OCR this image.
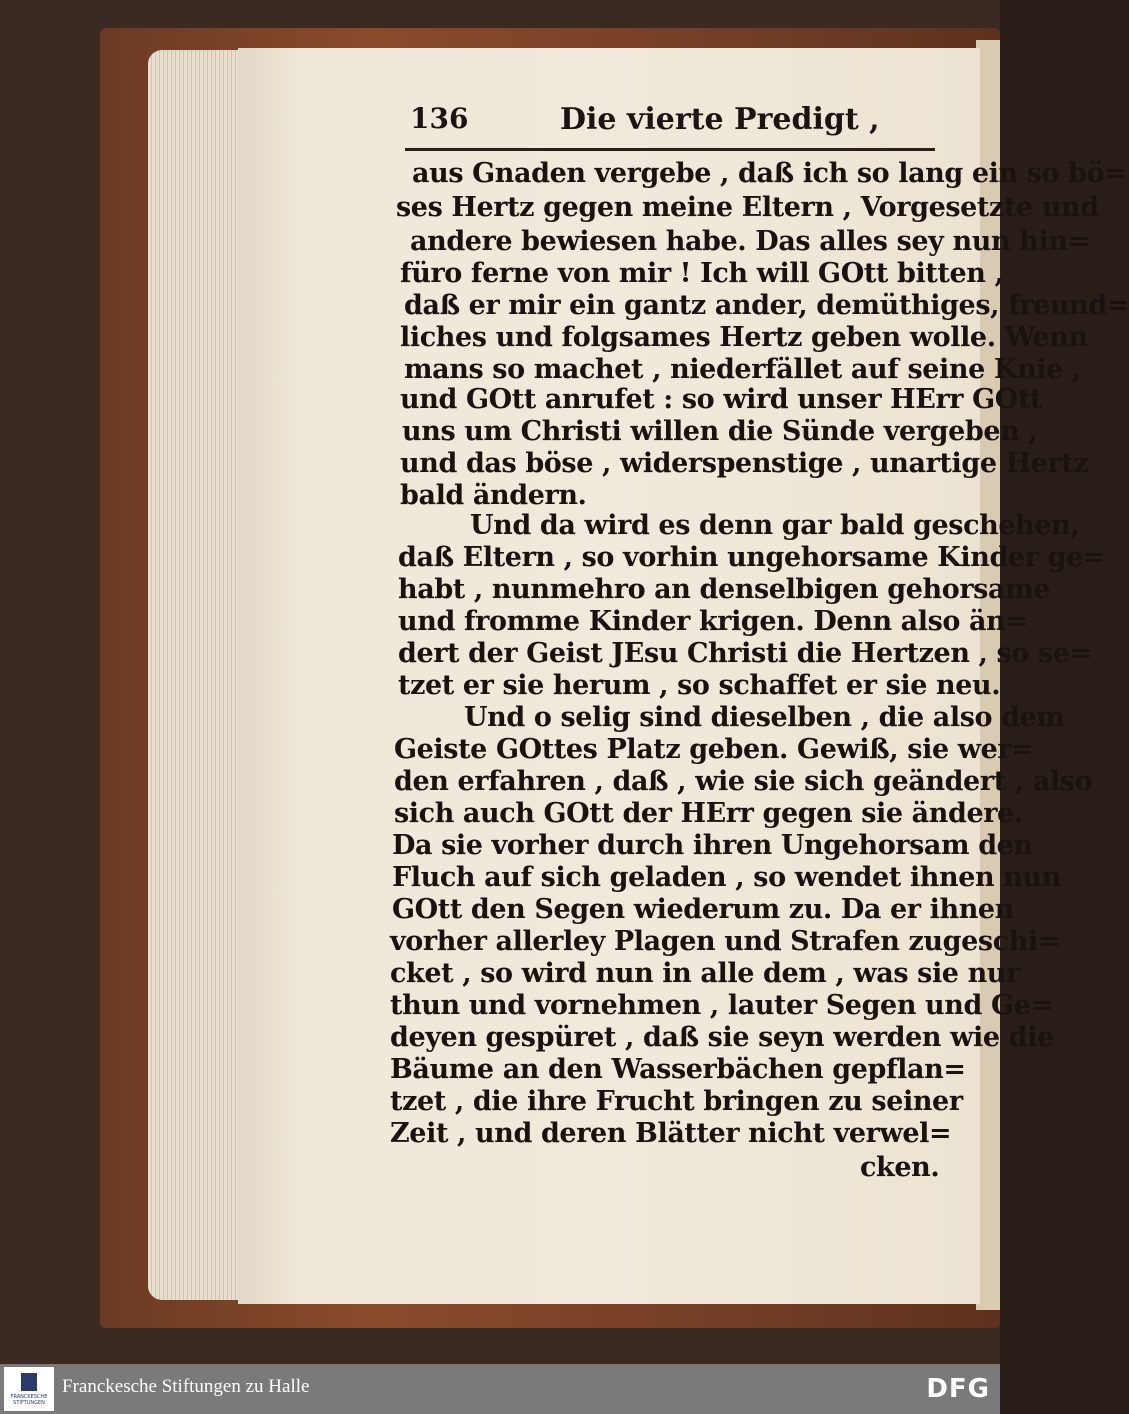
136	Die vierte Predigt ,
aus Gnaden vergebe , daß ich so lang ein so bö=
ses Hertz gegen meine Eltern , Vorgesetzte und
andere bewiesen habe. Das alles sey nun hin=
füro ferne von mir ! Ich will GOtt bitten ,
daß er mir ein gantz ander, demüthiges, freund=
liches und folgsames Hertz geben wolle. Wenn
mans so machet , niederfället auf seine Knie ,
und GOtt anrufet : so wird unser HErr GOtt
uns um Christi willen die Sünde vergeben ,
und das böse , widerspenstige , unartige Hertz
bald ändern.
Und da wird es denn gar bald geschehen,
daß Eltern , so vorhin ungehorsame Kinder ge=
habt , nunmehro an denselbigen gehorsame
und fromme Kinder krigen. Denn also än=
dert der Geist JEsu Christi die Hertzen , so se=
tzet er sie herum , so schaffet er sie neu.
Und o selig sind dieselben , die also dem
Geiste GOttes Platz geben. Gewiß, sie wer=
den erfahren , daß , wie sie sich geändert , also
sich auch GOtt der HErr gegen sie ändere.
Da sie vorher durch ihren Ungehorsam den
Fluch auf sich geladen , so wendet ihnen nun
GOtt den Segen wiederum zu. Da er ihnen
vorher allerley Plagen und Strafen zugeschi=
cket , so wird nun in alle dem , was sie nur
thun und vornehmen , lauter Segen und Ge=
deyen gespüret , daß sie seyn werden wie die
Bäume an den Wasserbächen gepflan=
tzet , die ihre Frucht bringen zu seiner
Zeit , und deren Blätter nicht verwel=
cken.
FRANCKESCHE STIFTUNGEN
Franckesche Stiftungen zu Halle	DFG
